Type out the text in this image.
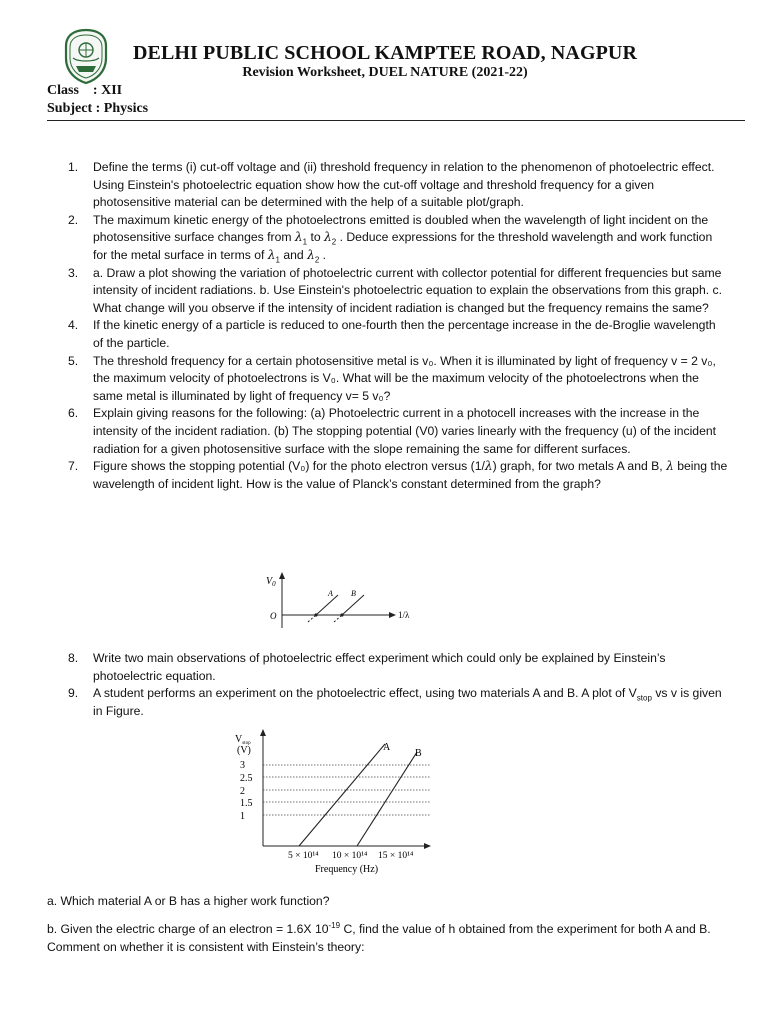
DELHI PUBLIC SCHOOL KAMPTEE ROAD, NAGPUR
Revision Worksheet, DUEL NATURE (2021-22)
Class    : XII
Subject : Physics
1. Define the terms (i) cut-off voltage and (ii) threshold frequency in relation to the phenomenon of photoelectric effect. Using Einstein's photoelectric equation show how the cut-off voltage and threshold frequency for a given photosensitive material can be determined with the help of a suitable plot/graph.
2. The maximum kinetic energy of the photoelectrons emitted is doubled when the wavelength of light incident on the photosensitive surface changes from $\lambda_1$ to $\lambda_2$ . Deduce expressions for the threshold wavelength and work function for the metal surface in terms of $\lambda_1$ and $\lambda_2$ .
3. a. Draw a plot showing the variation of photoelectric current with collector potential for different frequencies but same intensity of incident radiations. b. Use Einstein's photoelectric equation to explain the observations from this graph. c. What change will you observe if the intensity of incident radiation is changed but the frequency remains the same?
4. If the kinetic energy of a particle is reduced to one-fourth then the percentage increase in the de-Broglie wavelength of the particle.
5. The threshold frequency for a certain photosensitive metal is v₀. When it is illuminated by light of frequency v = 2 v₀, the maximum velocity of photoelectrons is V₀. What will be the maximum velocity of the photoelectrons when the same metal is illuminated by light of frequency v= 5 v₀?
6. Explain giving reasons for the following: (a) Photoelectric current in a photocell increases with the increase in the intensity of the incident radiation. (b) The stopping potential (V0) varies linearly with the frequency (u) of the incident radiation for a given photosensitive surface with the slope remaining the same for different surfaces.
7. Figure shows the stopping potential (V₀) for the photo electron versus (1/λ) graph, for two metals A and B, λ being the wavelength of incident light. How is the value of Planck’s constant determined from the graph?
$V_0$
O	1/λ
A B
8. Write two main observations of photoelectric effect experiment which could only be explained by Einstein’s photoelectric equation.
9. A student performs an experiment on the photoelectric effect, using two materials A and B. A plot of $V_{stop}$ vs v is given in Figure.
$V_{stop}$
(V)
3
2.5
2
1.5
1
A
B
5 × 10¹⁴ 10 × 10¹⁴ 15 × 10¹⁴
Frequency (Hz)
a. Which material A or B has a higher work function?
b. Given the electric charge of an electron = 1.6X $10^{-19}$ C, find the value of h obtained from the experiment for both A and B. Comment on whether it is consistent with Einstein’s theory:
